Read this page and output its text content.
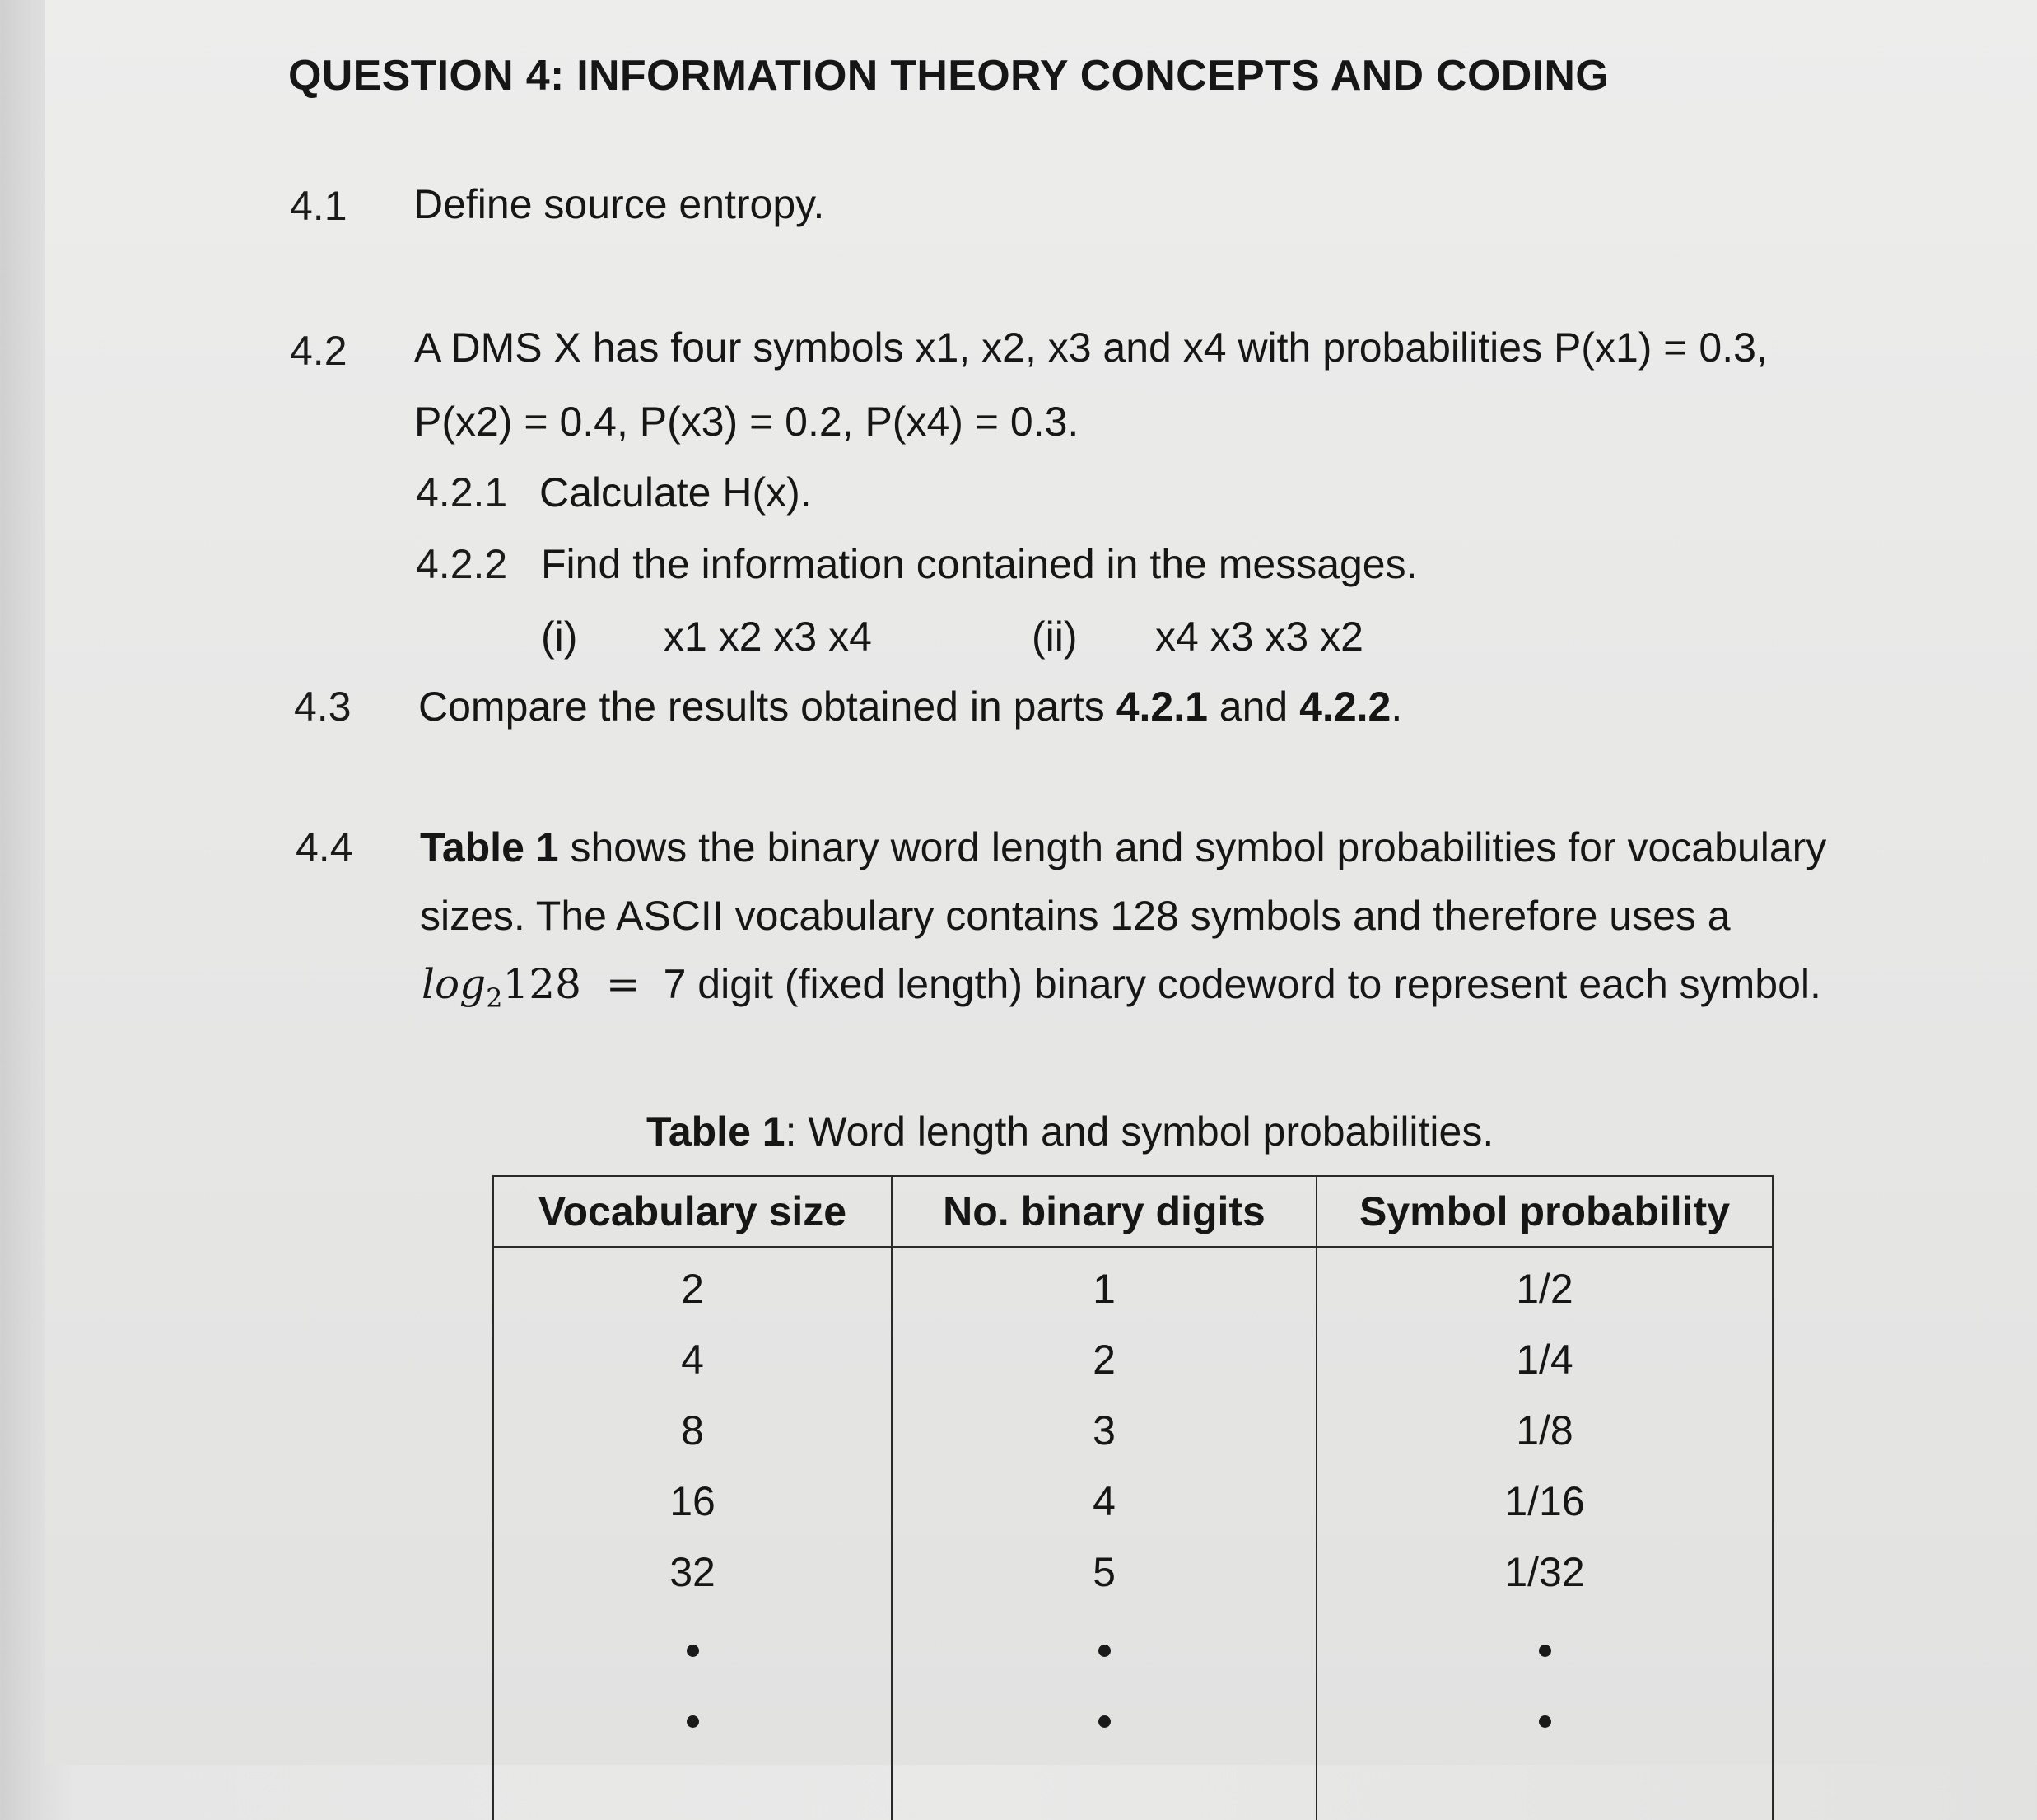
QUESTION 4: INFORMATION THEORY CONCEPTS AND CODING
4.1 Define source entropy.
4.2 A DMS X has four symbols x1, x2, x3 and x4 with probabilities P(x1) = 0.3,
P(x2) = 0.4, P(x3) = 0.2, P(x4) = 0.3.
4.2.1 Calculate H(x).
4.2.2 Find the information contained in the messages.
(i) x1 x2 x3 x4	(ii) x4 x3 x3 x2
4.3 Compare the results obtained in parts 4.2.1 and 4.2.2.
4.4 Table 1 shows the binary word length and symbol probabilities for vocabulary
sizes. The ASCII vocabulary contains 128 symbols and therefore uses a
$\log_2128 = 7$ digit (fixed length) binary codeword to represent each symbol.
Table 1: Word length and symbol probabilities.
Vocabulary size	No. binary digits	Symbol probability
2	1	1/2
4	2	1/4
8	3	1/8
16	4	1/16
32	5	1/32
